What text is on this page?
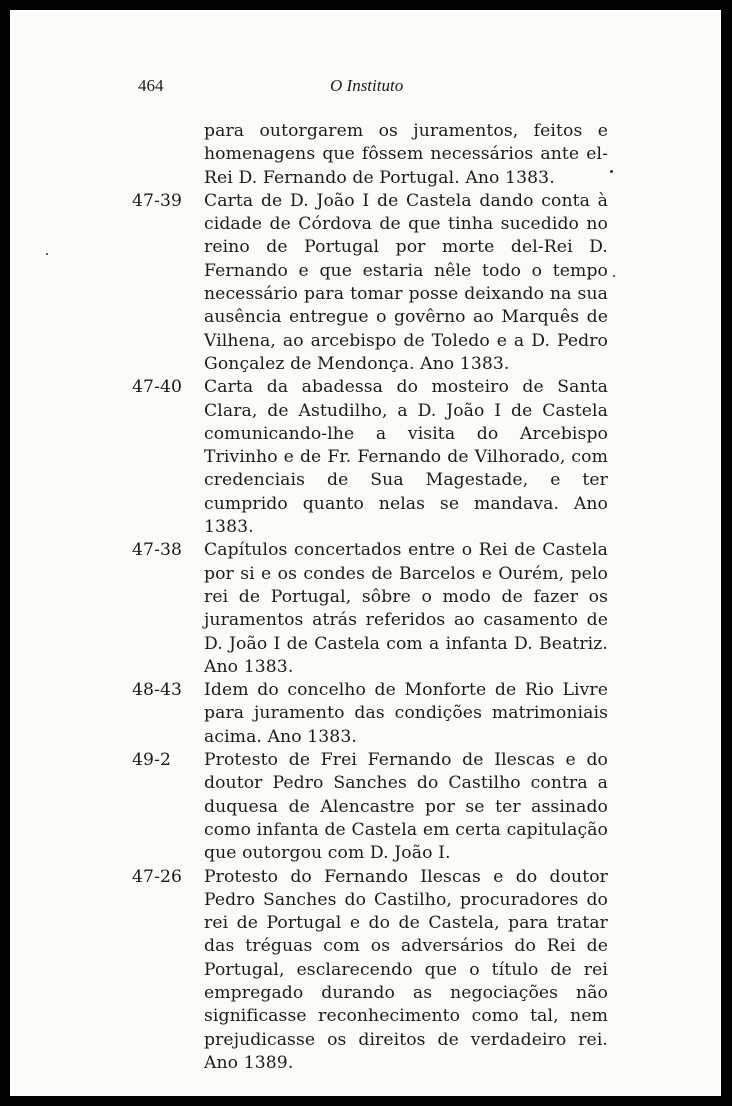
464	O Instituto
para outorgarem os juramentos, feitos e homenagens que fôssem necessários ante el-Rei D. Fernando de Portugal. Ano 1383.
47-39 Carta de D. João I de Castela dando conta à cidade de Córdova de que tinha sucedido no reino de Portugal por morte del-Rei D. Fernando e que estaria nêle todo o tempo necessário para tomar posse deixando na sua ausência entregue o govêrno ao Marquês de Vilhena, ao arcebispo de Toledo e a D. Pedro Gonçalez de Mendonça. Ano 1383.
47-40 Carta da abadessa do mosteiro de Santa Clara, de Astudilho, a D. João I de Castela comunicando-lhe a visita do Arcebispo Trivinho e de Fr. Fernando de Vilhorado, com credenciais de Sua Magestade, e ter cumprido quanto nelas se mandava. Ano 1383.
47-38 Capítulos concertados entre o Rei de Castela por si e os condes de Barcelos e Ourém, pelo rei de Portugal, sôbre o modo de fazer os juramentos atrás referidos ao casamento de D. João I de Castela com a infanta D. Beatriz. Ano 1383.
48-43 Idem do concelho de Monforte de Rio Livre para juramento das condições matrimoniais acima. Ano 1383.
49-2 Protesto de Frei Fernando de Ilescas e do doutor Pedro Sanches do Castilho contra a duquesa de Alencastre por se ter assinado como infanta de Castela em certa capitulação que outorgou com D. João I.
47-26 Protesto do Fernando Ilescas e do doutor Pedro Sanches do Castilho, procuradores do rei de Portugal e do de Castela, para tratar das tréguas com os adversários do Rei de Portugal, esclarecendo que o título de rei empregado durando as negociações não significasse reconhecimento como tal, nem prejudicasse os direitos de verdadeiro rei. Ano 1389.
